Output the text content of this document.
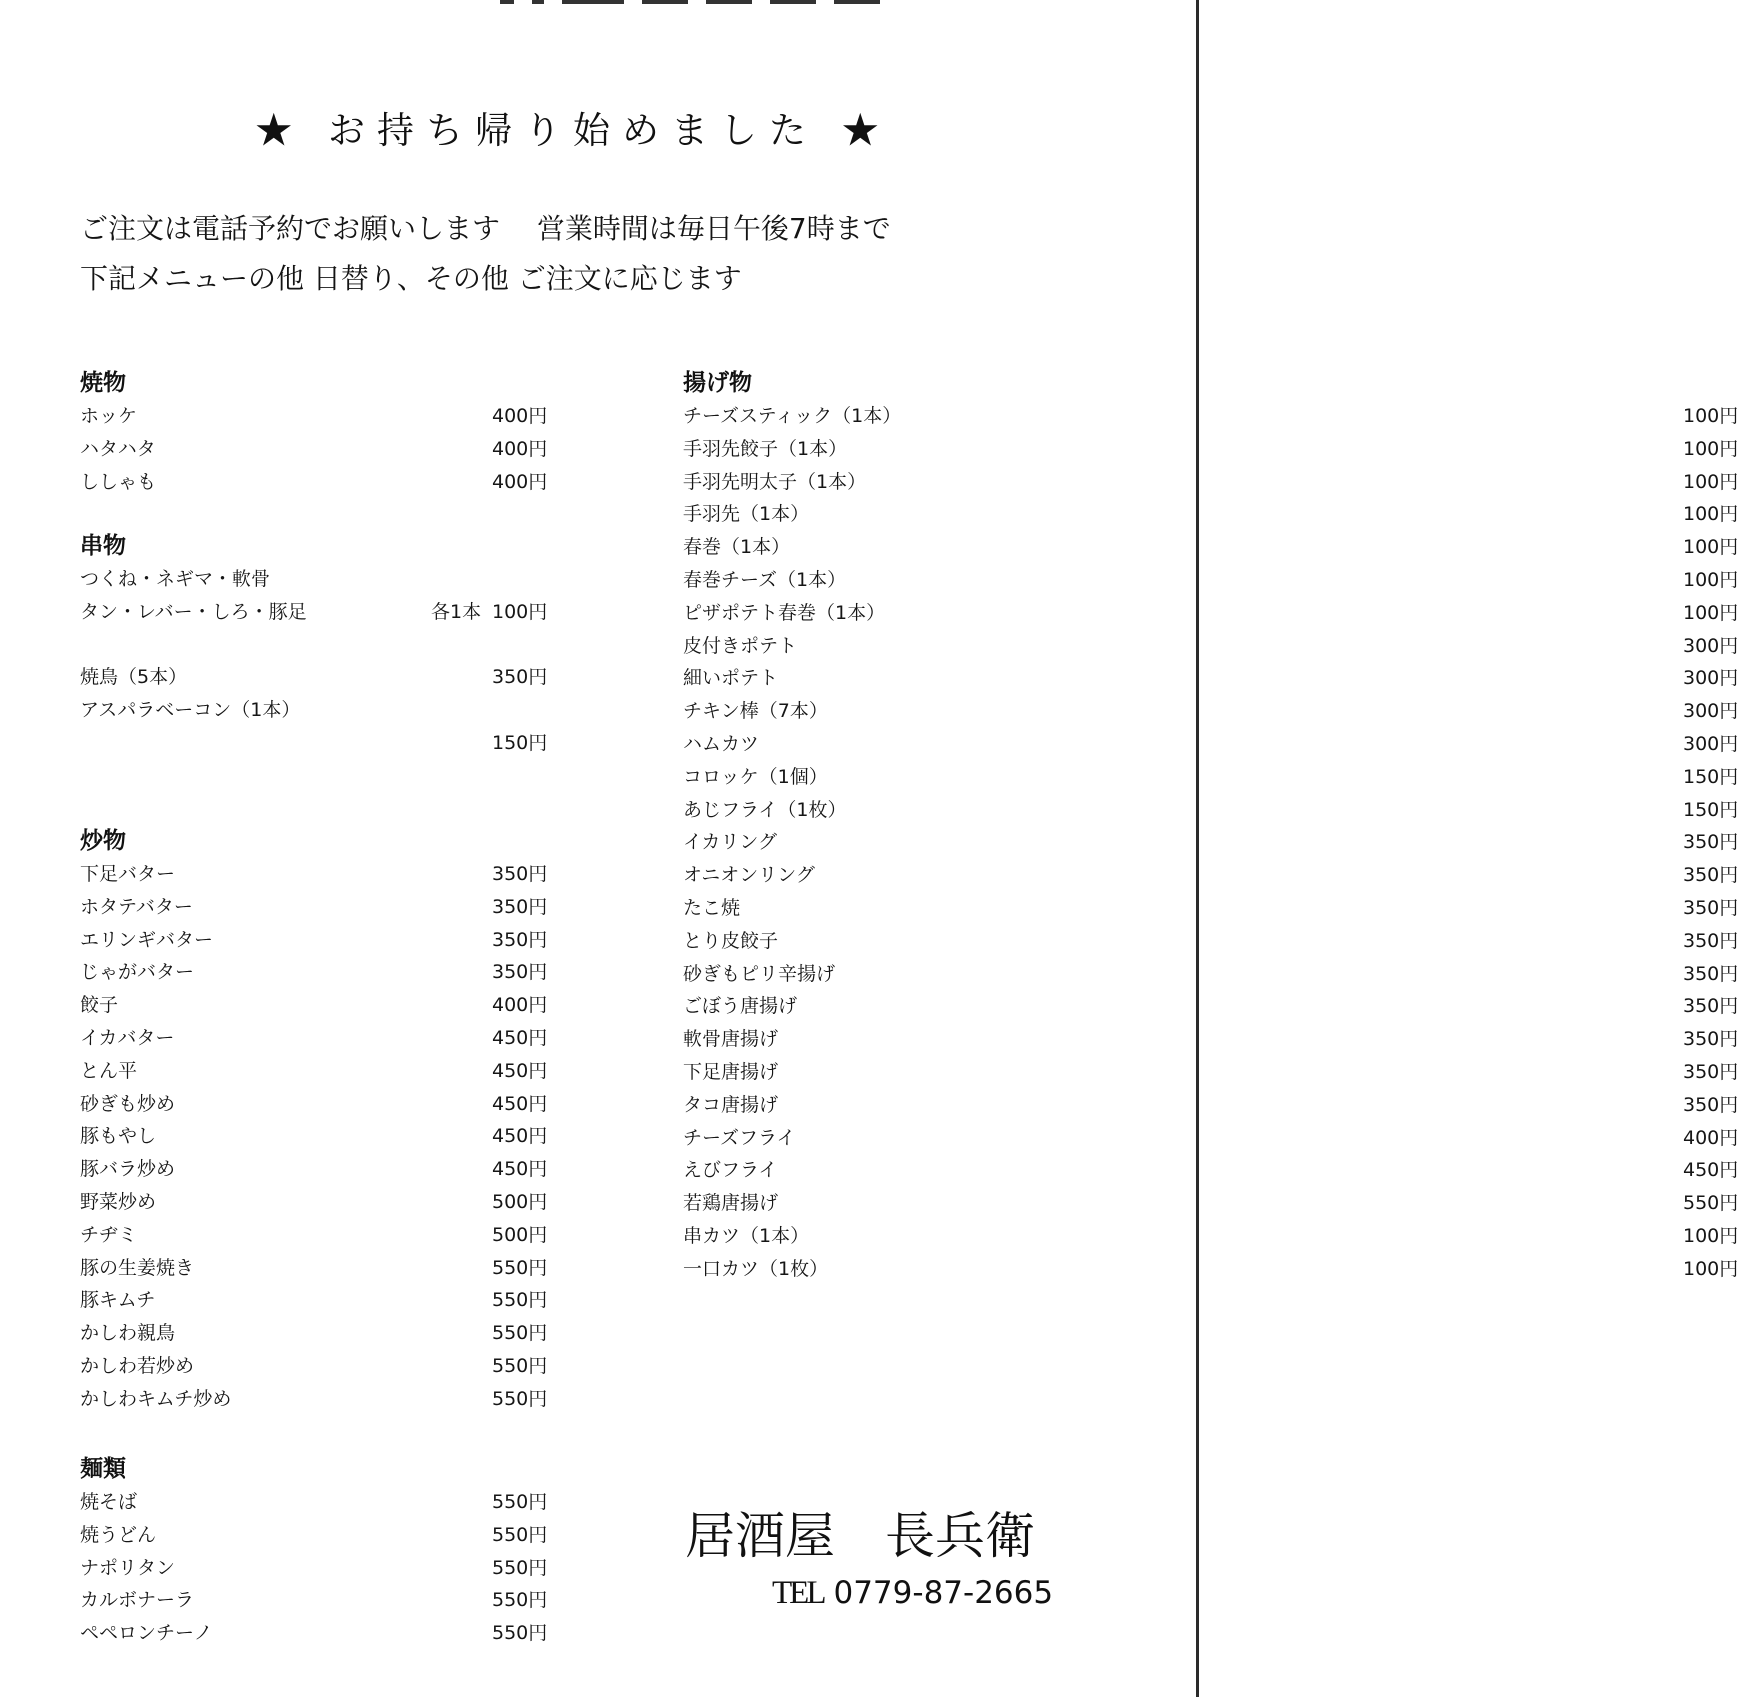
★ お持ち帰り始めました ★
ご注文は電話予約でお願いします　 営業時間は毎日午後7時まで
下記メニューの他 日替り、その他 ご注文に応じます
焼物
ホッケ	400円
ハタハタ	400円
ししゃも	400円
串物
つくね・ネギマ・軟骨
タン・レバー・しろ・豚足	各1本 100円
焼鳥（5本）	350円
アスパラベーコン（1本）
150円
炒物
下足バター	350円
ホタテバター	350円
エリンギバター	350円
じゃがバター	350円
餃子	400円
イカバター	450円
とん平	450円
砂ぎも炒め	450円
豚もやし	450円
豚バラ炒め	450円
野菜炒め	500円
チヂミ	500円
豚の生姜焼き	550円
豚キムチ	550円
かしわ親鳥	550円
かしわ若炒め	550円
かしわキムチ炒め	550円
麺類
焼そば	550円
焼うどん	550円
ナポリタン	550円
カルボナーラ	550円
ペペロンチーノ	550円
揚げ物
チーズスティック（1本）	100円
手羽先餃子（1本）	100円
手羽先明太子（1本）	100円
手羽先（1本）	100円
春巻（1本）	100円
春巻チーズ（1本）	100円
ピザポテト春巻（1本）	100円
皮付きポテト	300円
細いポテト	300円
チキン棒（7本）	300円
ハムカツ	300円
コロッケ（1個）	150円
あじフライ（1枚）	150円
イカリング	350円
オニオンリング	350円
たこ焼	350円
とり皮餃子	350円
砂ぎもピリ辛揚げ	350円
ごぼう唐揚げ	350円
軟骨唐揚げ	350円
下足唐揚げ	350円
タコ唐揚げ	350円
チーズフライ	400円
えびフライ	450円
若鶏唐揚げ	550円
串カツ（1本）	100円
一口カツ（1枚）	100円
居酒屋　長兵衛
TEL 0779-87-2665
